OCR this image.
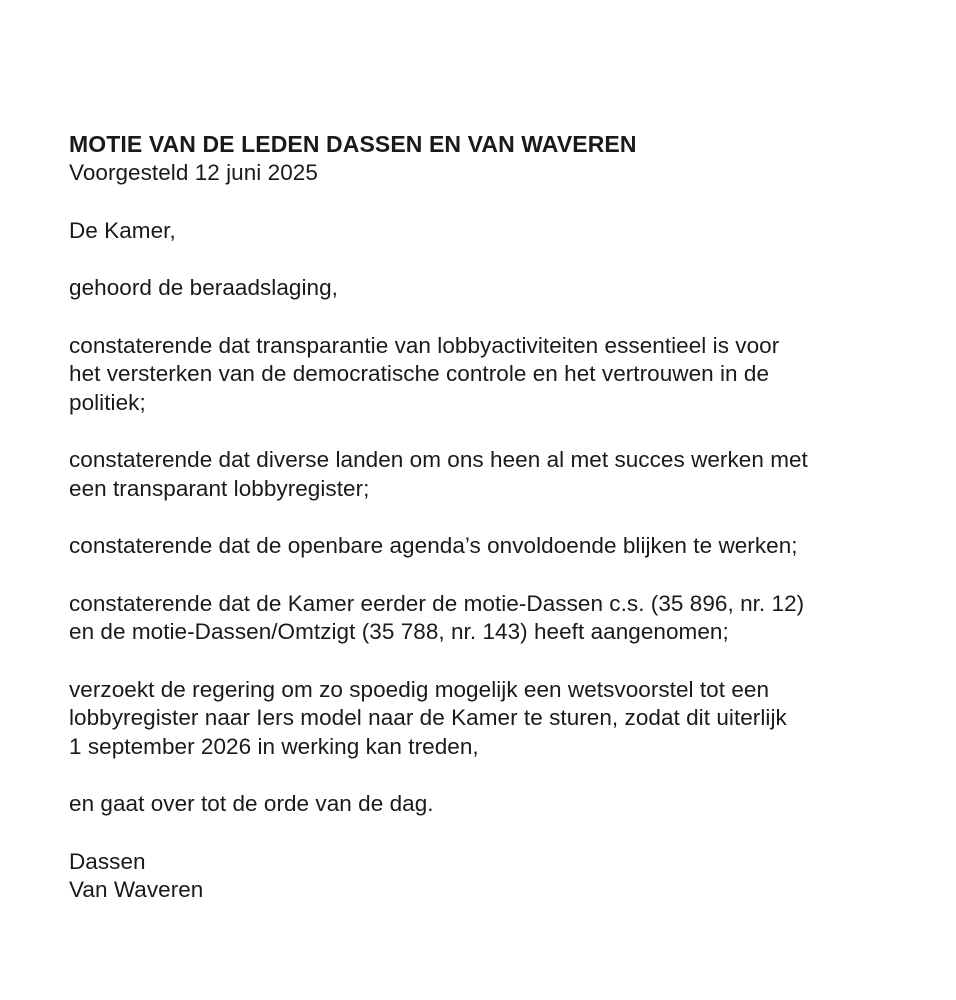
MOTIE VAN DE LEDEN DASSEN EN VAN WAVEREN

Voorgesteld 12 juni 2025

De Kamer,

gehoord de beraadslaging,

constaterende dat transparantie van lobbyactiviteiten essentieel is voor
het versterken van de democratische controle en het vertrouwen in de
politiek;

constaterende dat diverse landen om ons heen al met succes werken met
een transparant lobbyregister;

constaterende dat de openbare agenda’s onvoldoende blijken te werken;

constaterende dat de Kamer eerder de motie-Dassen c.s. (35 896, nr. 12)
en de motie-Dassen/Omtzigt (35 788, nr. 143) heeft aangenomen;

verzoekt de regering om zo spoedig mogelijk een wetsvoorstel tot een
lobbyregister naar Iers model naar de Kamer te sturen, zodat dit uiterlijk
1 september 2026 in werking kan treden,

en gaat over tot de orde van de dag.

Dassen
Van Waveren
